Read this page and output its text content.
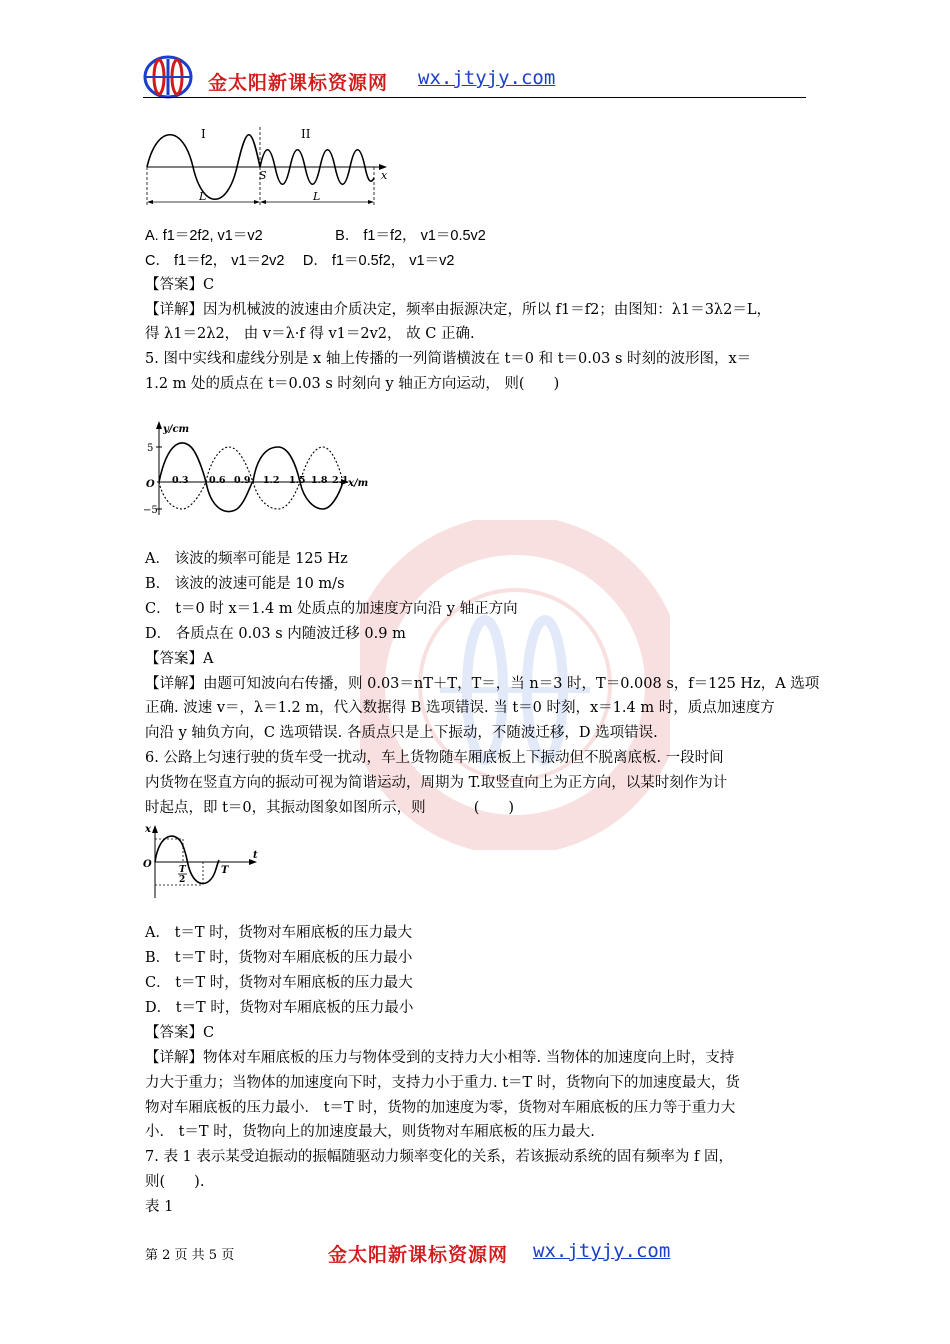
金太阳新课标资源网 wx.jtyjy.com
I	II
S	x
L	L
A. f1＝2f2, v1＝v2　　　　　B． f1＝f2， v1＝0.5v2
C． f1＝f2， v1＝2v2　 D． f1＝0.5f2， v1＝v2
【答案】C
【详解】因为机械波的波速由介质决定，频率由振源决定，所以 f1＝f2；由图知：λ1＝3λ2＝L，
得 λ1＝2λ2， 由 v＝λ·f 得 v1＝2v2， 故 C 正确.
5. 图中实线和虚线分别是 x 轴上传播的一列简谐横波在 t＝0 和 t＝0.03 s 时刻的波形图，x＝
1.2 m 处的质点在 t＝0.03 s 时刻向 y 轴正方向运动， 则(　　)
y/cm
5
−5
O	x/m
0.3 0.6 0.9 1.2 1.5 1.8 2.1
A． 该波的频率可能是 125 Hz
B． 该波的波速可能是 10 m/s
C． t＝0 时 x＝1.4 m 处质点的加速度方向沿 y 轴正方向
D． 各质点在 0.03 s 内随波迁移 0.9 m
【答案】A
【详解】由题可知波向右传播，则 0.03＝nT＋T，T＝，当 n＝3 时，T＝0.008 s，f＝125 Hz，A 选项
正确. 波速 v＝，λ＝1.2 m，代入数据得 B 选项错误. 当 t＝0 时刻，x＝1.4 m 时，质点加速度方
向沿 y 轴负方向，C 选项错误. 各质点只是上下振动，不随波迁移，D 选项错误.
6. 公路上匀速行驶的货车受一扰动，车上货物随车厢底板上下振动但不脱离底板. 一段时间
内货物在竖直方向的振动可视为简谐运动，周期为 T.取竖直向上为正方向，以某时刻作为计
时起点，即 t＝0，其振动图象如图所示，则　　　 (　　)
x
O
t
T
2
T
A． t＝T 时，货物对车厢底板的压力最大
B． t＝T 时，货物对车厢底板的压力最小
C． t＝T 时，货物对车厢底板的压力最大
D． t＝T 时，货物对车厢底板的压力最小
【答案】C
【详解】物体对车厢底板的压力与物体受到的支持力大小相等. 当物体的加速度向上时，支持
力大于重力；当物体的加速度向下时，支持力小于重力. t＝T 时，货物向下的加速度最大，货
物对车厢底板的压力最小． t＝T 时，货物的加速度为零，货物对车厢底板的压力等于重力大
小． t＝T 时，货物向上的加速度最大，则货物对车厢底板的压力最大.
7. 表 1 表示某受迫振动的振幅随驱动力频率变化的关系，若该振动系统的固有频率为 f 固，
则(　　).
表 1
第 2 页 共 5 页	金太阳新课标资源网 wx.jtyjy.com
